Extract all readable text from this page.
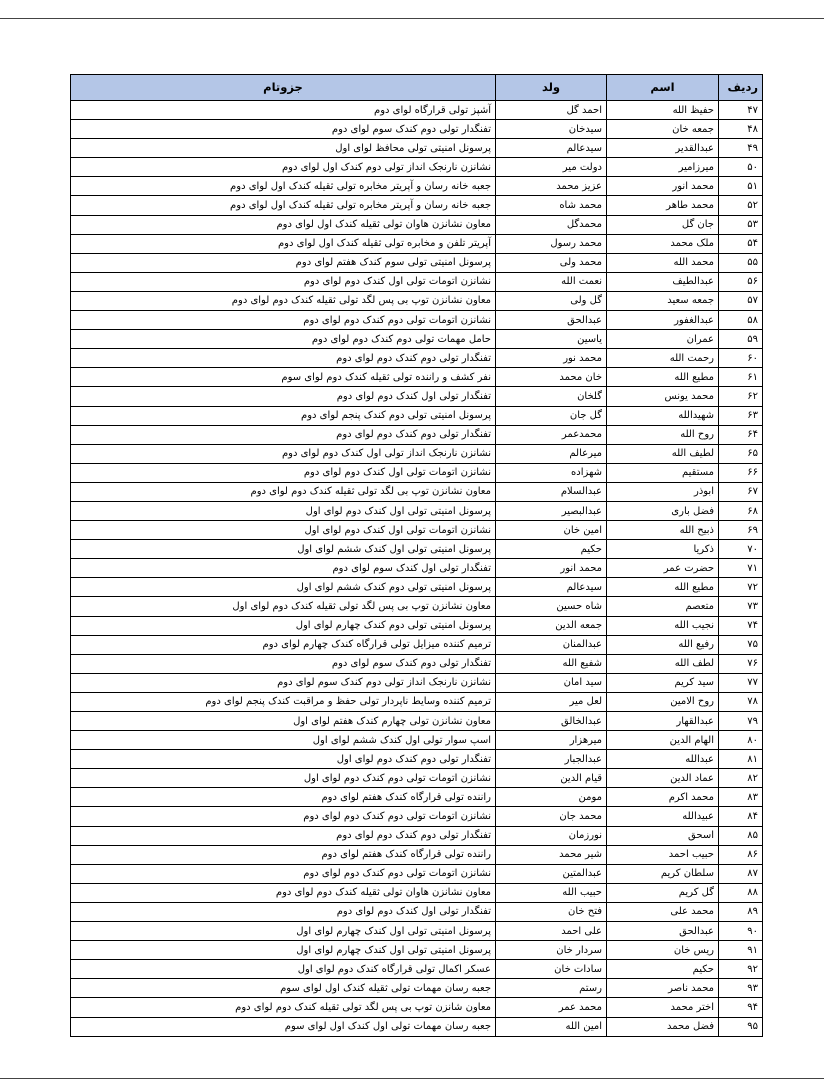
ردیف	اسم	ولد	جزوتام
۴۷	حفیظ الله	احمد گل	آشپز تولی قرارگاه لوای دوم
۴۸	جمعه خان	سیدخان	تفنگدار تولی دوم کندک سوم لوای دوم
۴۹	عبدالقدیر	سیدعالم	پرسونل امنیتی تولی محافظ لوای اول
۵۰	میرزامیر	دولت میر	نشانزن نارنجک انداز تولی دوم کندک اول لوای دوم
۵۱	محمد انور	عزیز محمد	جعبه خانه رسان و آپریتر مخابره تولی ثقیله کندک اول لوای دوم
۵۲	محمد طاهر	محمد شاه	جعبه خانه رسان و آپریتر مخابره تولی ثقیله کندک اول لوای دوم
۵۳	جان گل	محمدگل	معاون نشانزن هاوان تولی ثقیله کندک اول لوای دوم
۵۴	ملک محمد	محمد رسول	آپریتر تلفن و مخابره تولی ثقیله کندک اول لوای دوم
۵۵	محمد الله	محمد ولی	پرسونل امنیتی تولی سوم کندک هفتم لوای دوم
۵۶	عبدالطیف	نعمت الله	نشانزن اتومات تولی اول کندک دوم لوای دوم
۵۷	جمعه سعید	گل ولی	معاون نشانزن توپ بی پس لگد تولی ثقیله کندک دوم لوای دوم
۵۸	عبدالغفور	عبدالحق	نشانزن اتومات تولی دوم کندک دوم لوای دوم
۵۹	عمران	یاسین	حامل مهمات تولی دوم کندک دوم لوای دوم
۶۰	رحمت الله	محمد نور	تفنگدار تولی دوم کندک دوم لوای دوم
۶۱	مطیع الله	خان محمد	نفر کشف و راننده تولی ثقیله کندک دوم لوای سوم
۶۲	محمد یونس	گلخان	تفنگدار تولی اول کندک دوم لوای دوم
۶۳	شهیدالله	گل جان	پرسونل امنیتی تولی دوم کندک پنجم لوای دوم
۶۴	روح الله	محمدعمر	تفنگدار تولی دوم کندک دوم لوای دوم
۶۵	لطیف الله	میرعالم	نشانزن نارنجک انداز تولی اول کندک دوم لوای دوم
۶۶	مستقیم	شهزاده	نشانزن اتومات تولی اول کندک دوم لوای دوم
۶۷	ابوذر	عبدالسلام	معاون نشانزن توپ بی لگد تولی ثقیله کندک دوم لوای دوم
۶۸	فضل باری	عبدالبصیر	پرسونل امنیتی تولی اول کندک دوم لوای اول
۶۹	ذبیح الله	امین خان	نشانزن اتومات تولی اول کندک دوم لوای اول
۷۰	ذکریا	حکیم	پرسونل امنیتی تولی اول کندک ششم لوای اول
۷۱	حضرت عمر	محمد انور	تفنگدار تولی اول کندک سوم لوای دوم
۷۲	مطیع الله	سیدعالم	پرسونل امنیتی تولی دوم کندک ششم لوای اول
۷۳	متعصم	شاه حسین	معاون نشانزن توپ بی پس لگد تولی ثقیله کندک دوم لوای اول
۷۴	نجیب الله	جمعه الدین	پرسونل امنیتی تولی دوم کندک چهارم لوای اول
۷۵	رفیع الله	عبدالمنان	ترمیم کننده میزایل تولی قرارگاه کندک چهارم لوای دوم
۷۶	لطف الله	شفیع الله	تفنگدار تولی دوم کندک سوم لوای دوم
۷۷	سید کریم	سید امان	نشانزن نارنجک انداز تولی دوم کندک سوم لوای دوم
۷۸	روح الامین	لعل میر	ترمیم کننده وسایط ناپردار تولی حفظ و مراقبت کندک پنجم لوای دوم
۷۹	عبدالقهار	عبدالخالق	معاون نشانزن تولی چهارم کندک هفتم لوای اول
۸۰	الهام الدین	میرهزار	اسپ سوار تولی اول کندک ششم لوای اول
۸۱	عبدالله	عبدالجبار	تفنگدار تولی دوم کندک دوم لوای اول
۸۲	عماد الدین	قیام الدین	نشانزن اتومات تولی دوم کندک دوم لوای اول
۸۳	محمد اکرم	مومن	راننده تولی قرارگاه کندک هفتم لوای دوم
۸۴	عبیدالله	محمد جان	نشانزن اتومات تولی دوم کندک دوم لوای دوم
۸۵	اسحق	نورزمان	تفنگدار تولی دوم کندک دوم لوای دوم
۸۶	حبیب احمد	شیر محمد	راننده تولی قرارگاه کندک هفتم لوای دوم
۸۷	سلطان کریم	عبدالمتین	نشانزن اتومات تولی دوم کندک دوم لوای دوم
۸۸	گل کریم	حبیب الله	معاون نشانزن هاوان تولی ثقیله کندک دوم لوای دوم
۸۹	محمد علی	فتح خان	تفنگدار تولی اول کندک دوم لوای دوم
۹۰	عبدالحق	علی احمد	پرسونل امنیتی تولی اول کندک چهارم لوای اول
۹۱	ریس خان	سردار خان	پرسونل امنیتی تولی اول کندک چهارم لوای اول
۹۲	حکیم	سادات خان	عسکر اکمال تولی قرارگاه کندک دوم لوای اول
۹۳	محمد ناصر	رستم	جعبه رسان مهمات تولی ثقیله کندک اول لوای سوم
۹۴	اختر محمد	محمد عمر	معاون شانزن توپ بی پس لگد تولی ثقیله کندک دوم لوای دوم
۹۵	فضل محمد	امین الله	جعبه رسان مهمات تولی اول کندک اول لوای سوم
